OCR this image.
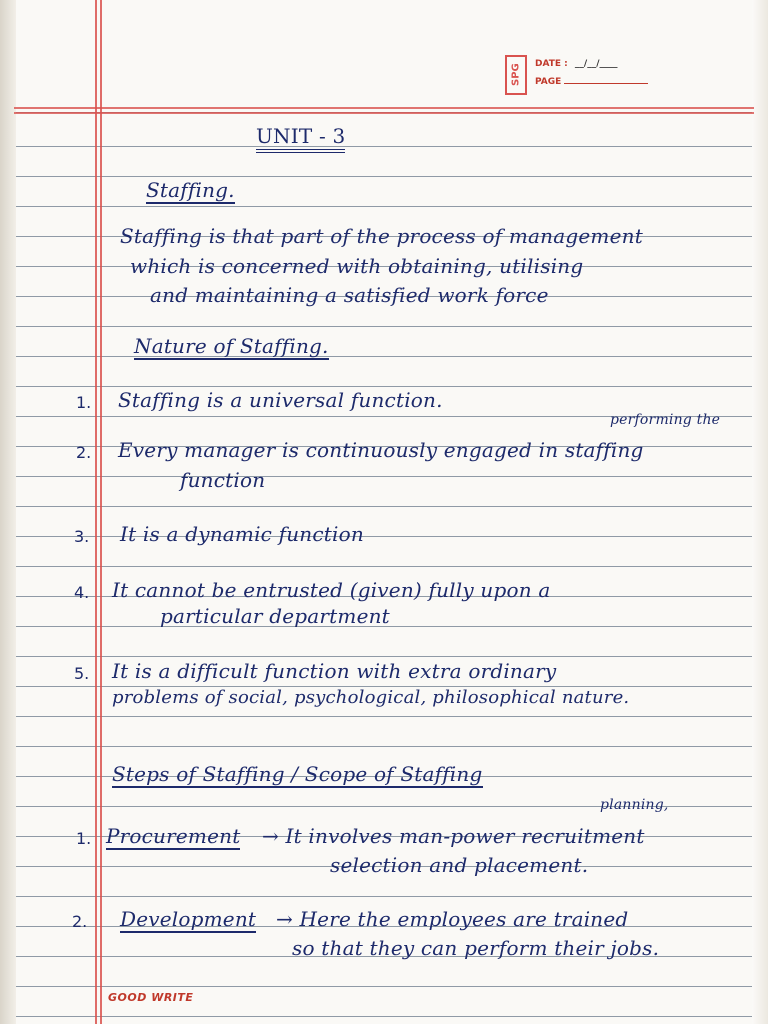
SPG	DATE : __/__/____
PAGE
UNIT - 3
Staffing.
Staffing is that part of the process of management
which is concerned with obtaining, utilising
and maintaining a satisfied work force
Nature of Staffing.
1. Staffing is a universal function.
performing the
2. Every manager is continuously engaged in staffing
function
3. It is a dynamic function
4. It cannot be entrusted (given) fully upon a
particular department
5. It is a difficult function with extra ordinary
problems of social, psychological, philosophical nature.
Steps of Staffing / Scope of Staffing
planning,
1. Procurement → It involves man-power recruitment
selection and placement.
2. Development → Here the employees are trained
so that they can perform their jobs.
GOOD WRITE
